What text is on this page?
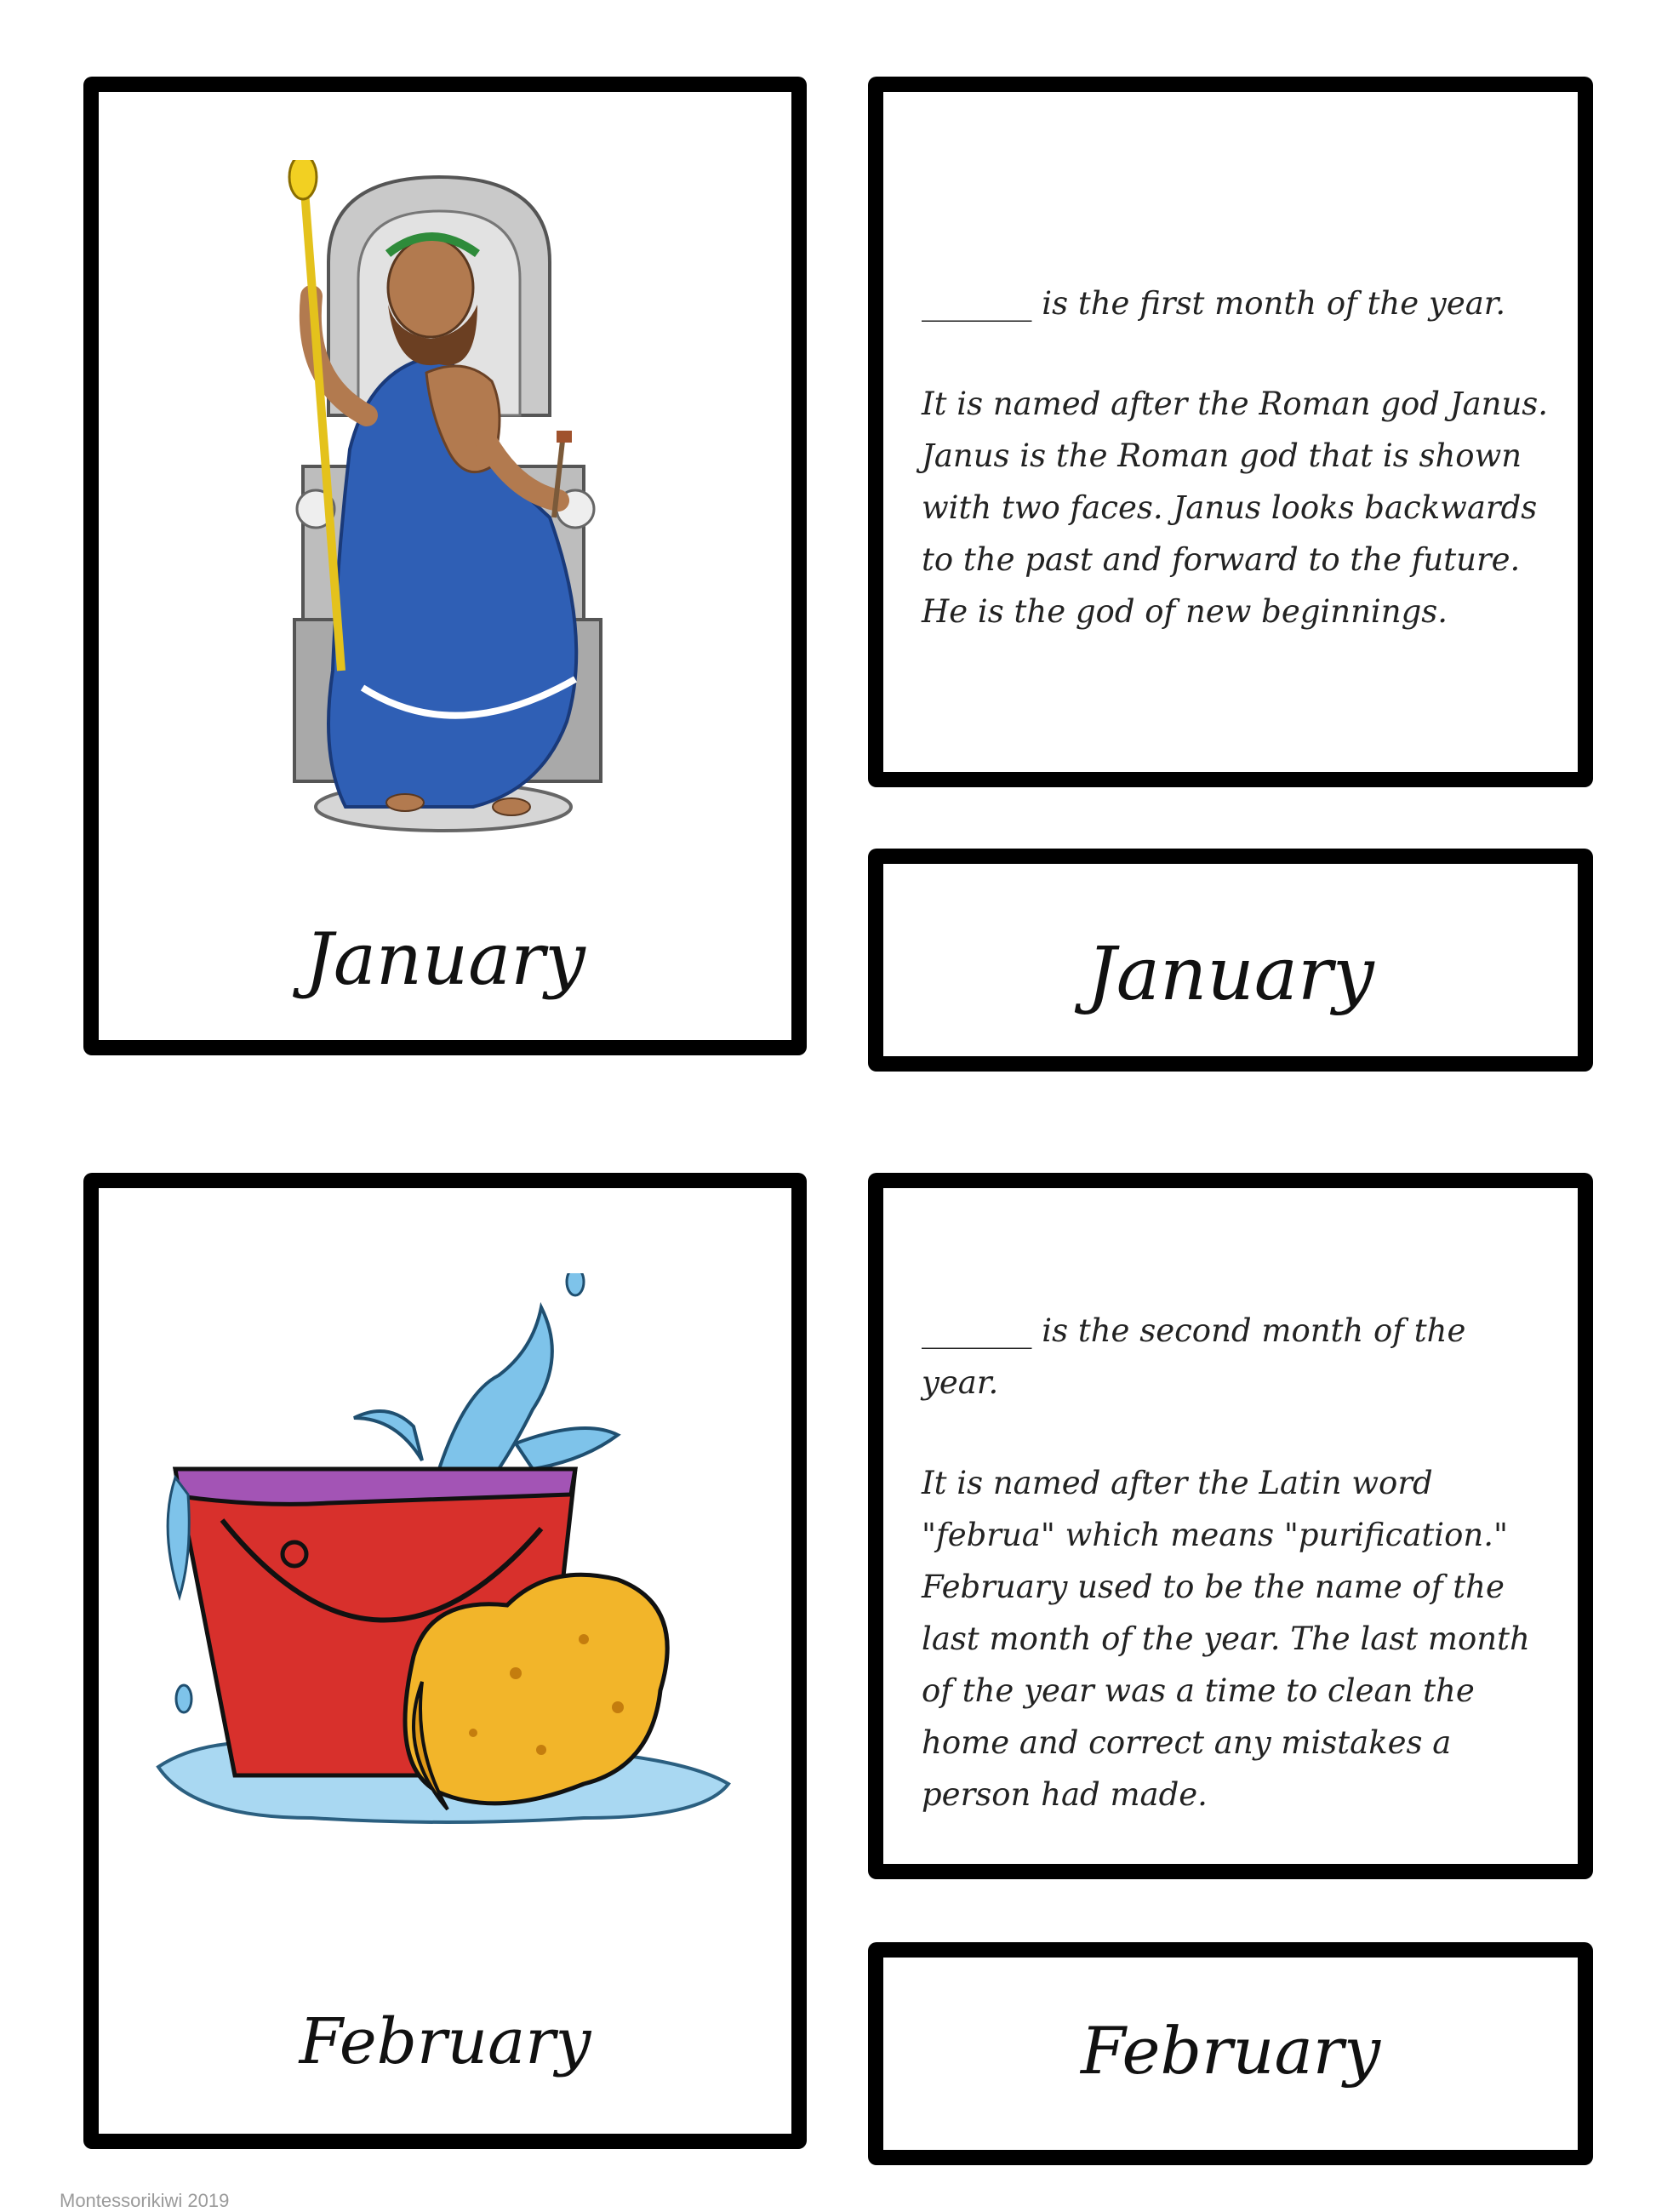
January

_______ is the first month of the year.

It is named after the Roman god Janus.

Janus is the Roman god that is shown

with two faces. Janus looks backwards

to the past and forward to the future.

He is the god of new beginnings.

January
February

_______ is the second month of the

year.

It is named after the Latin word

"februa" which means "purification."

February used to be the name of the

last month of the year. The last month

of the year was a time to clean the

home and correct any mistakes a

person had made.

February
Montessorikiwi 2019
